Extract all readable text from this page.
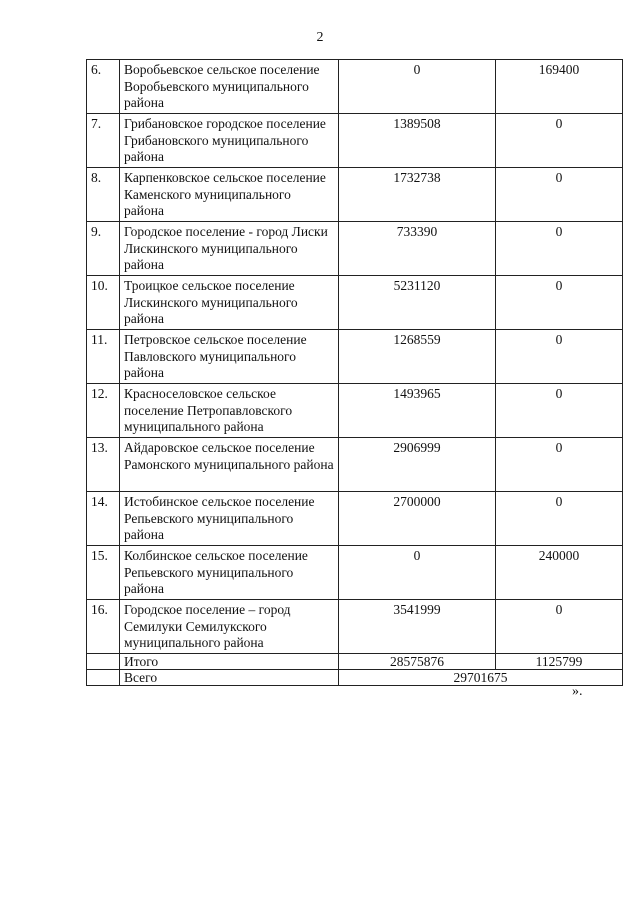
2
6.	Воробьевское сельское поселение Воробьевского муниципального района	0	169400
7.	Грибановское городское поселение Грибановского муниципального района	1389508	0
8.	Карпенковское сельское поселение Каменского муниципального района	1732738	0
9.	Городское поселение - город Лиски Лискинского муниципального района	733390	0
10.	Троицкое сельское поселение Лискинского муниципального района	5231120	0
11.	Петровское сельское поселение Павловского муниципального района	1268559	0
12.	Красноселовское сельское поселение Петропавловского муниципального района	1493965	0
13.	Айдаровское сельское поселение Рамонского муниципального района	2906999	0
14.	Истобинское сельское поселение Репьевского муниципального района	2700000	0
15.	Колбинское сельское поселение Репьевского муниципального района	0	240000
16.	Городское поселение – город Семилуки Семилукского муниципального района	3541999	0
	Итого	28575876	1125799
	Всего	29701675	
».
